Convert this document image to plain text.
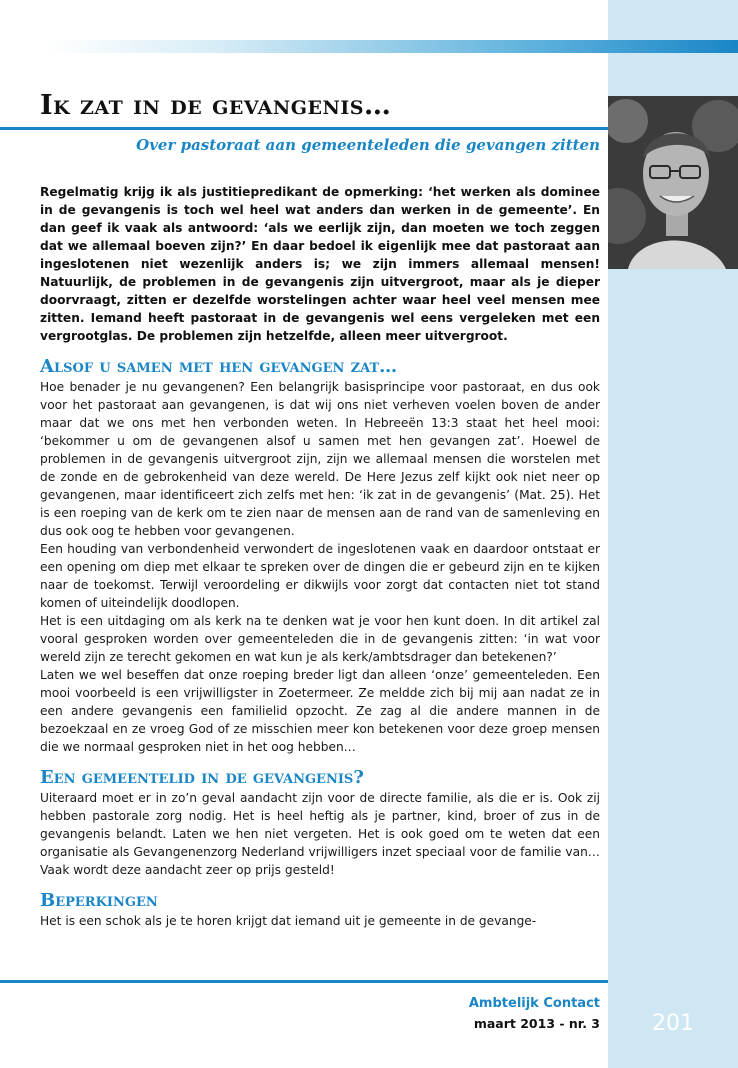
Ik zat in de gevangenis…
Over pastoraat aan gemeenteleden die gevangen zitten

Regelmatig krijg ik als justitiepredikant de opmerking: ‘het werken als dominee in de gevangenis is toch wel heel wat anders dan werken in de gemeente’. En dan geef ik vaak als antwoord: ‘als we eerlijk zijn, dan moeten we toch zeggen dat we allemaal boeven zijn?’ En daar bedoel ik eigenlijk mee dat pastoraat aan ingeslotenen niet wezenlijk anders is; we zijn immers allemaal mensen! Natuurlijk, de problemen in de gevangenis zijn uitvergroot, maar als je dieper doorvraagt, zitten er dezelfde worstelingen achter waar heel veel mensen mee zitten. Iemand heeft pastoraat in de gevangenis wel eens vergeleken met een vergrootglas. De problemen zijn hetzelfde, alleen meer uitvergroot.

Alsof u samen met hen gevangen zat…

Hoe benader je nu gevangenen? Een belangrijk basisprincipe voor pastoraat, en dus ook voor het pastoraat aan gevangenen, is dat wij ons niet verheven voelen boven de ander maar dat we ons met hen verbonden weten. In Hebreeën 13:3 staat het heel mooi: ‘bekommer u om de gevangenen alsof u samen met hen gevangen zat’. Hoewel de problemen in de gevangenis uitvergroot zijn, zijn we allemaal mensen die worstelen met de zonde en de gebrokenheid van deze wereld. De Here Jezus zelf kijkt ook niet neer op gevangenen, maar identificeert zich zelfs met hen: ‘ik zat in de gevangenis’ (Mat. 25). Het is een roeping van de kerk om te zien naar de mensen aan de rand van de samenleving en dus ook oog te hebben voor gevangenen.

Een houding van verbondenheid verwondert de ingeslotenen vaak en daardoor ontstaat er een opening om diep met elkaar te spreken over de dingen die er gebeurd zijn en te kijken naar de toekomst. Terwijl veroordeling er dikwijls voor zorgt dat contacten niet tot stand komen of uiteindelijk doodlopen.

Het is een uitdaging om als kerk na te denken wat je voor hen kunt doen. In dit artikel zal vooral gesproken worden over gemeenteleden die in de gevangenis zitten: ‘in wat voor wereld zijn ze terecht gekomen en wat kun je als kerk/ambtsdrager dan betekenen?’

Laten we wel beseffen dat onze roeping breder ligt dan alleen ‘onze’ gemeenteleden. Een mooi voorbeeld is een vrijwilligster in Zoetermeer. Ze meldde zich bij mij aan nadat ze in een andere gevangenis een familielid opzocht. Ze zag al die andere mannen in de bezoekzaal en ze vroeg God of ze misschien meer kon betekenen voor deze groep mensen die we normaal gesproken niet in het oog hebben…

Een gemeentelid in de gevangenis?

Uiteraard moet er in zo’n geval aandacht zijn voor de directe familie, als die er is. Ook zij hebben pastorale zorg nodig. Het is heel heftig als je partner, kind, broer of zus in de gevangenis belandt. Laten we hen niet vergeten. Het is ook goed om te weten dat een organisatie als Gevangenenzorg Nederland vrijwilligers inzet speciaal voor de familie van… Vaak wordt deze aandacht zeer op prijs gesteld!

Beperkingen

Het is een schok als je te horen krijgt dat iemand uit je gemeente in de gevange-

Ambtelijk Contact
maart 2013 - nr. 3	201
